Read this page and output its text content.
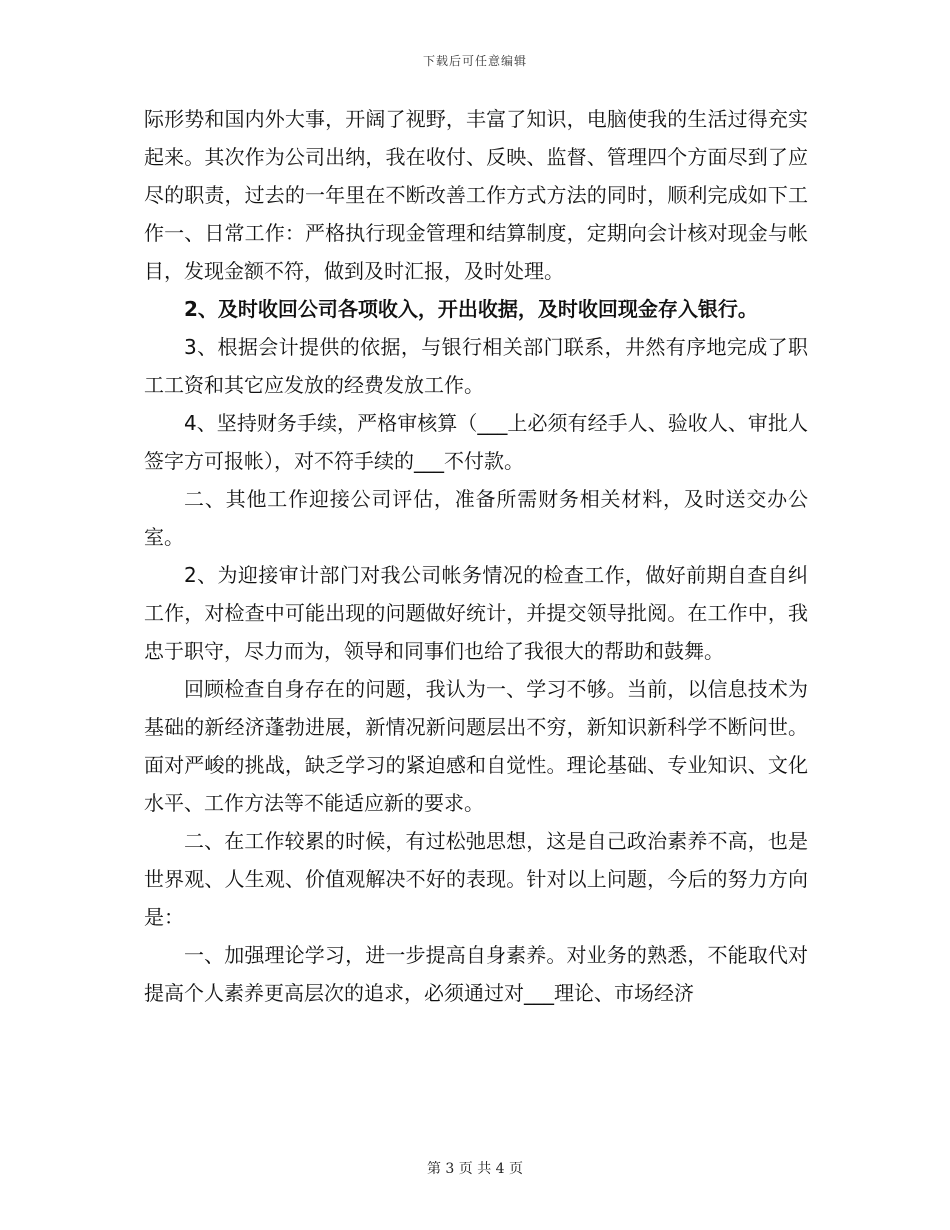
下载后可任意编辑

际形势和国内外大事，开阔了视野，丰富了知识，电脑使我的生活过得充实起来。其次作为公司出纳，我在收付、反映、监督、管理四个方面尽到了应尽的职责，过去的一年里在不断改善工作方式方法的同时，顺利完成如下工作一、日常工作：严格执行现金管理和结算制度，定期向会计核对现金与帐目，发现金额不符，做到及时汇报，及时处理。

2、及时收回公司各项收入，开出收据，及时收回现金存入银行。

3、根据会计提供的依据，与银行相关部门联系，井然有序地完成了职工工资和其它应发放的经费发放工作。

4、坚持财务手续，严格审核算（___上必须有经手人、验收人、审批人签字方可报帐），对不符手续的___不付款。

二、其他工作迎接公司评估，准备所需财务相关材料，及时送交办公室。

2、为迎接审计部门对我公司帐务情况的检查工作，做好前期自查自纠工作，对检查中可能出现的问题做好统计，并提交领导批阅。在工作中，我忠于职守，尽力而为，领导和同事们也给了我很大的帮助和鼓舞。

回顾检查自身存在的问题，我认为一、学习不够。当前，以信息技术为基础的新经济蓬勃进展，新情况新问题层出不穷，新知识新科学不断问世。面对严峻的挑战，缺乏学习的紧迫感和自觉性。理论基础、专业知识、文化水平、工作方法等不能适应新的要求。

二、在工作较累的时候，有过松弛思想，这是自己政治素养不高，也是世界观、人生观、价值观解决不好的表现。针对以上问题，今后的努力方向是：

一、加强理论学习，进一步提高自身素养。对业务的熟悉，不能取代对提高个人素养更高层次的追求，必须通过对___理论、市场经济

第 3 页 共 4 页
